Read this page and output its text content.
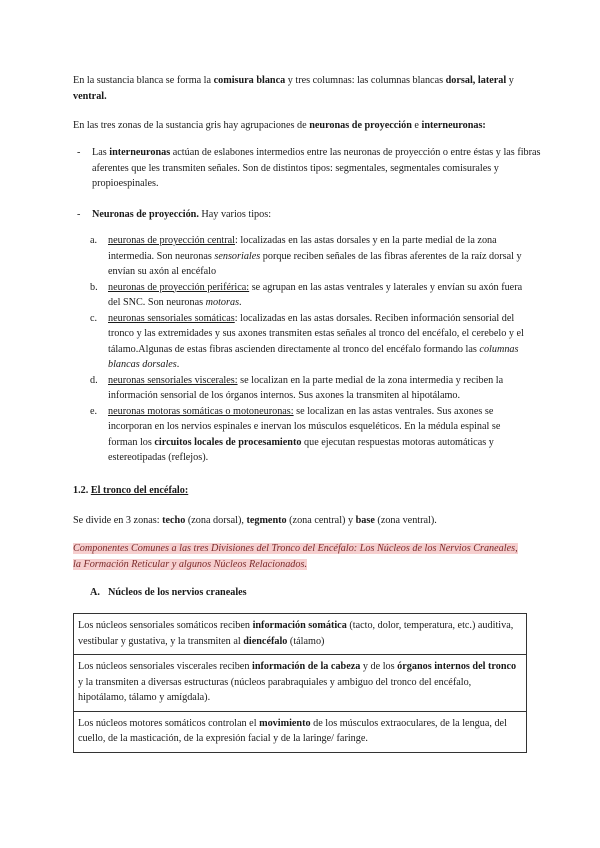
En la sustancia blanca se forma la comisura blanca y tres columnas: las columnas blancas dorsal, lateral y ventral.

En las tres zonas de la sustancia gris hay agrupaciones de neuronas de proyección e interneuronas:

- Las interneuronas actúan de eslabones intermedios entre las neuronas de proyección o entre éstas y las fibras aferentes que les transmiten señales. Son de distintos tipos: segmentales, segmentales comisurales y propioespinales.
- Neuronas de proyección. Hay varios tipos:
a. neuronas de proyección central: localizadas en las astas dorsales y en la parte medial de la zona intermedia. Son neuronas sensoriales porque reciben señales de las fibras aferentes de la raíz dorsal y envían su axón al encéfalo
b. neuronas de proyección periférica: se agrupan en las astas ventrales y laterales y envían su axón fuera del SNC. Son neuronas motoras.
c. neuronas sensoriales somáticas: localizadas en las astas dorsales. Reciben información sensorial del tronco y las extremidades y sus axones transmiten estas señales al tronco del encéfalo, el cerebelo y el tálamo.Algunas de estas fibras ascienden directamente al tronco del encéfalo formando las columnas blancas dorsales.
d. neuronas sensoriales viscerales: se localizan en la parte medial de la zona intermedia y reciben la información sensorial de los órganos internos. Sus axones la transmiten al hipotálamo.
e. neuronas motoras somáticas o motoneuronas: se localizan en las astas ventrales. Sus axones se incorporan en los nervios espinales e inervan los músculos esqueléticos. En la médula espinal se forman los circuitos locales de procesamiento que ejecutan respuestas motoras automáticas y estereotipadas (reflejos).

1.2. El tronco del encéfalo:

Se divide en 3 zonas: techo (zona dorsal), tegmento (zona central) y base (zona ventral).

Componentes Comunes a las tres Divisiones del Tronco del Encéfalo: Los Núcleos de los Nervios Craneales, la Formación Reticular y algunos Núcleos Relacionados.

A. Núcleos de los nervios craneales

Los núcleos sensoriales somáticos reciben información somática (tacto, dolor, temperatura, etc.) auditiva, vestibular y gustativa, y la transmiten al diencéfalo (tálamo)
Los núcleos sensoriales viscerales reciben información de la cabeza y de los órganos internos del tronco y la transmiten a diversas estructuras (núcleos parabraquiales y ambiguo del tronco del encéfalo, hipotálamo, tálamo y amígdala).
Los núcleos motores somáticos controlan el movimiento de los músculos extraoculares, de la lengua, del cuello, de la masticación, de la expresión facial y de la laringe/ faringe.
